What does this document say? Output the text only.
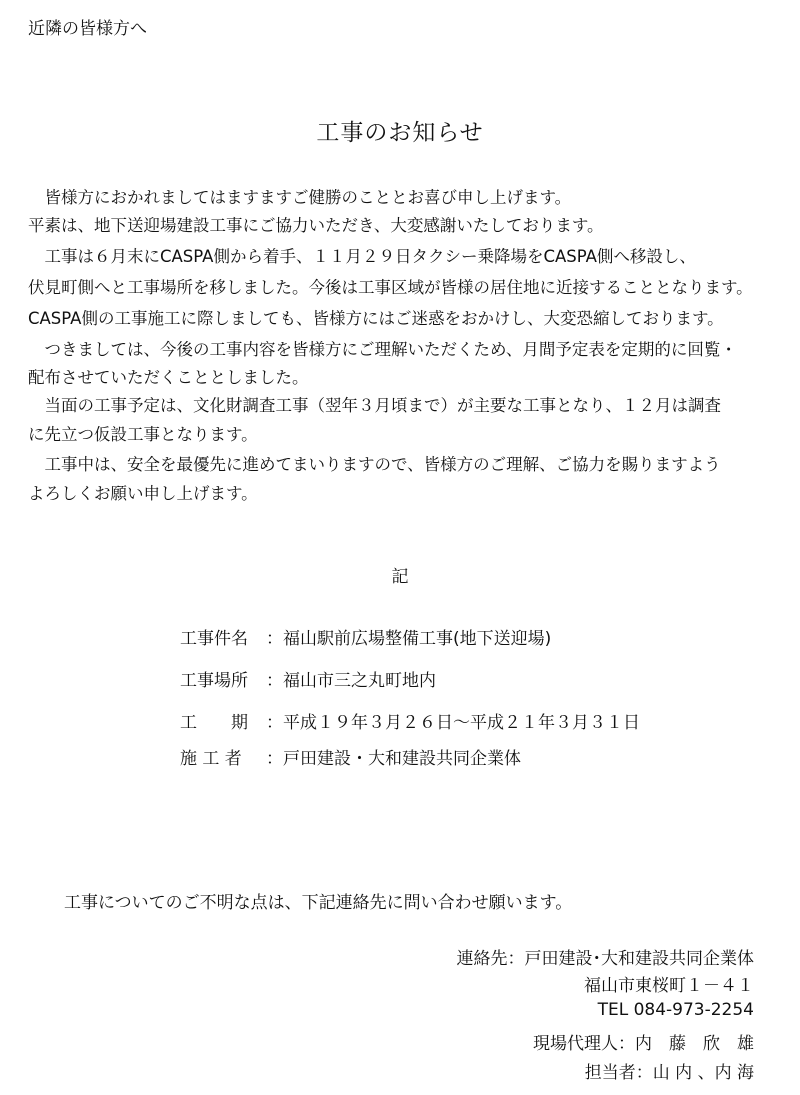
近隣の皆様方へ
工事のお知らせ
　皆様方におかれましてはますますご健勝のこととお喜び申し上げます。
平素は、地下送迎場建設工事にご協力いただき、大変感謝いたしております。
　工事は６月末にCASPA側から着手、１１月２９日タクシー乗降場をCASPA側へ移設し、
伏見町側へと工事場所を移しました。今後は工事区域が皆様の居住地に近接することとなります。
CASPA側の工事施工に際しましても、皆様方にはご迷惑をおかけし、大変恐縮しております。
　つきましては、今後の工事内容を皆様方にご理解いただくため、月間予定表を定期的に回覧・
配布させていただくこととしました。
　当面の工事予定は、文化財調査工事（翌年３月頃まで）が主要な工事となり、１２月は調査
に先立つ仮設工事となります。
　工事中は、安全を最優先に進めてまいりますので、皆様方のご理解、ご協力を賜りますよう
よろしくお願い申し上げます。
記
工事件名 ：福山駅前広場整備工事(地下送迎場)
工事場所 ：福山市三之丸町地内
工　　期 ：平成１９年３月２６日～平成２１年３月３１日
施 工 者 ：戸田建設・大和建設共同企業体
工事についてのご不明な点は、下記連絡先に問い合わせ願います。
連絡先：戸田建設･大和建設共同企業体
福山市東桜町１－４１
TEL 084-973-2254
現場代理人：内　藤　欣　雄
担当者：山 内 、内 海
